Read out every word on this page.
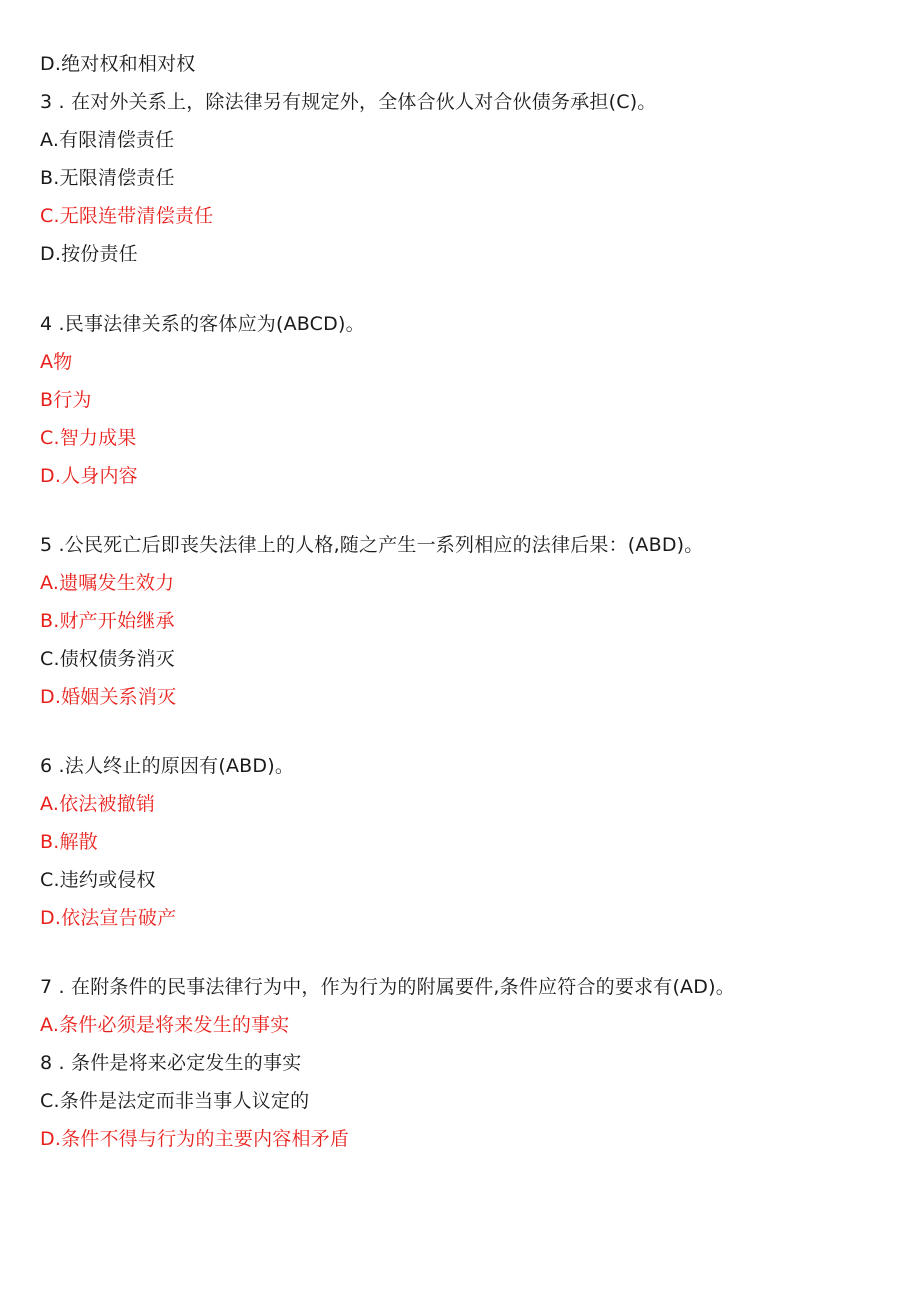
D.绝对权和相对权
3 . 在对外关系上，除法律另有规定外，全体合伙人对合伙债务承担(C)。
A.有限清偿责任
B.无限清偿责任
C.无限连带清偿责任
D.按份责任
4 .民事法律关系的客体应为(ABCD)。
A物
B行为
C.智力成果
D.人身内容
5 .公民死亡后即丧失法律上的人格,随之产生一系列相应的法律后果：(ABD)。
A.遗嘱发生效力
B.财产开始继承
C.债权债务消灭
D.婚姻关系消灭
6 .法人终止的原因有(ABD)。
A.依法被撤销
B.解散
C.违约或侵权
D.依法宣告破产
7 . 在附条件的民事法律行为中，作为行为的附属要件,条件应符合的要求有(AD)。
A.条件必须是将来发生的事实
8 . 条件是将来必定发生的事实
C.条件是法定而非当事人议定的
D.条件不得与行为的主要内容相矛盾
